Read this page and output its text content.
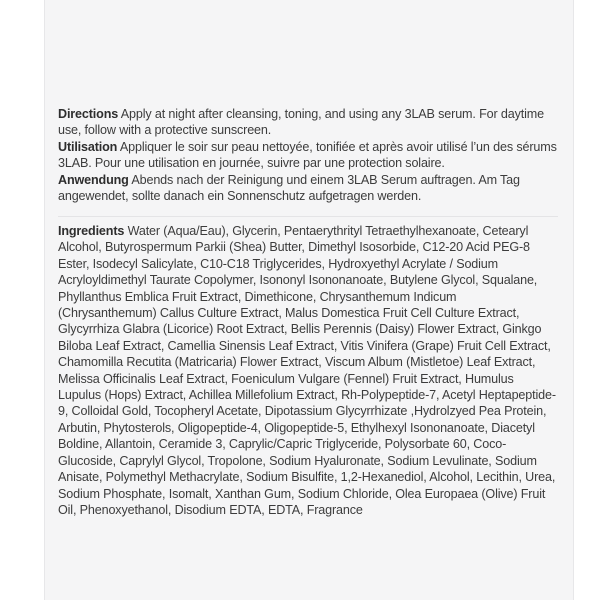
Directions Apply at night after cleansing, toning, and using any 3LAB serum. For daytime use, follow with a protective sunscreen.

Utilisation Appliquer le soir sur peau nettoyée, tonifiée et après avoir utilisé l’un des sérums 3LAB. Pour une utilisation en journée, suivre par une protection solaire.

Anwendung Abends nach der Reinigung und einem 3LAB Serum auftragen. Am Tag angewendet, sollte danach ein Sonnenschutz aufgetragen werden.

Ingredients Water (Aqua/Eau), Glycerin, Pentaerythrityl Tetraethylhexanoate, Cetearyl Alcohol, Butyrospermum Parkii (Shea) Butter, Dimethyl Isosorbide, C12-20 Acid PEG-8 Ester, Isodecyl Salicylate, C10-C18 Triglycerides, Hydroxyethyl Acrylate / Sodium Acryloyldimethyl Taurate Copolymer, Isononyl Isononanoate, Butylene Glycol, Squalane, Phyllanthus Emblica Fruit Extract, Dimethicone, Chrysanthemum Indicum (Chrysanthemum) Callus Culture Extract, Malus Domestica Fruit Cell Culture Extract, Glycyrrhiza Glabra (Licorice) Root Extract, Bellis Perennis (Daisy) Flower Extract, Ginkgo Biloba Leaf Extract, Camellia Sinensis Leaf Extract, Vitis Vinifera (Grape) Fruit Cell Extract, Chamomilla Recutita (Matricaria) Flower Extract, Viscum Album (Mistletoe) Leaf Extract, Melissa Officinalis Leaf Extract, Foeniculum Vulgare (Fennel) Fruit Extract, Humulus Lupulus (Hops) Extract, Achillea Millefolium Extract, Rh-Polypeptide-7, Acetyl Heptapeptide-9, Colloidal Gold, Tocopheryl Acetate, Dipotassium Glycyrrhizate ,Hydrolzyed Pea Protein, Arbutin, Phytosterols, Oligopeptide-4, Oligopeptide-5, Ethylhexyl Isononanoate, Diacetyl Boldine, Allantoin, Ceramide 3, Caprylic/Capric Triglyceride, Polysorbate 60, Coco-Glucoside, Caprylyl Glycol, Tropolone, Sodium Hyaluronate, Sodium Levulinate, Sodium Anisate, Polymethyl Methacrylate, Sodium Bisulfite, 1,2-Hexanediol, Alcohol, Lecithin, Urea, Sodium Phosphate, Isomalt, Xanthan Gum, Sodium Chloride, Olea Europaea (Olive) Fruit Oil, Phenoxyethanol, Disodium EDTA, EDTA, Fragrance
